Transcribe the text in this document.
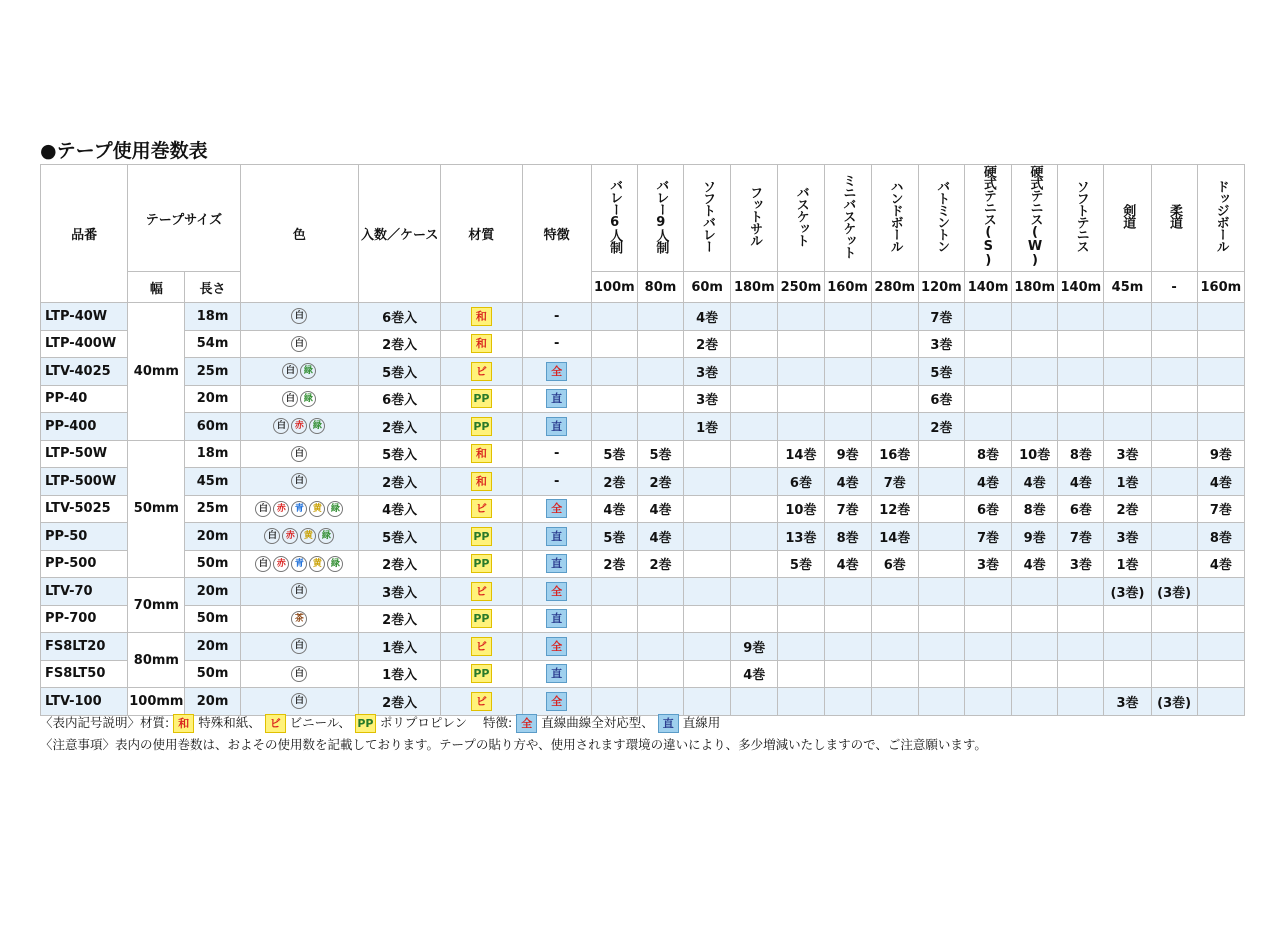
●テープ使用巻数表
品番	テープサイズ		色	入数／ケース	材質	特徴	バレー6人制	バレー9人制	ソフトバレー	フットサル	バスケット	ミニバスケット	ハンドボール	バトミントン	硬式テニス(S)	硬式テニス(W)	ソフトテニス	剣道	柔道	ドッジボール
	幅	長さ					100m	80m	60m	180m	250m	160m	280m	120m	140m	180m	140m	45m	-	160m
LTP-40W	40mm	18m	白	6巻入	和	-			4巻					7巻						
LTP-400W		54m	白	2巻入	和	-			2巻					3巻						
LTV-4025		25m	白 緑	5巻入	ビ	全			3巻					5巻						
PP-40		20m	白 緑	6巻入	PP	直			3巻					6巻						
PP-400		60m	白 赤 緑	2巻入	PP	直			1巻					2巻						
LTP-50W	50mm	18m	白	5巻入	和	-	5巻	5巻			14巻	9巻	16巻		8巻	10巻	8巻	3巻		9巻
LTP-500W		45m	白	2巻入	和	-	2巻	2巻			6巻	4巻	7巻		4巻	4巻	4巻	1巻		4巻
LTV-5025		25m	白 赤 青 黄 緑	4巻入	ビ	全	4巻	4巻			10巻	7巻	12巻		6巻	8巻	6巻	2巻		7巻
PP-50		20m	白 赤 黄 緑	5巻入	PP	直	5巻	4巻			13巻	8巻	14巻		7巻	9巻	7巻	3巻		8巻
PP-500		50m	白 赤 青 黄 緑	2巻入	PP	直	2巻	2巻			5巻	4巻	6巻		3巻	4巻	3巻	1巻		4巻
LTV-70	70mm	20m	白	3巻入	ビ	全												(3巻)	(3巻)	
PP-700		50m	茶	2巻入	PP	直														
FS8LT20	80mm	20m	白	1巻入	ビ	全				9巻										
FS8LT50		50m	白	1巻入	PP	直				4巻										
LTV-100	100mm	20m	白	2巻入	ビ	全												3巻	(3巻)	
〈表内記号説明〉材質: 和 特殊和紙、 ビ ビニール、 PP ポリプロピレン 特徴: 全 直線曲線全対応型、 直 直線用
〈注意事項〉表内の使用巻数は、およその使用数を記載しております。テープの貼り方や、使用されます環境の違いにより、多少増減いたしますので、ご注意願います。
